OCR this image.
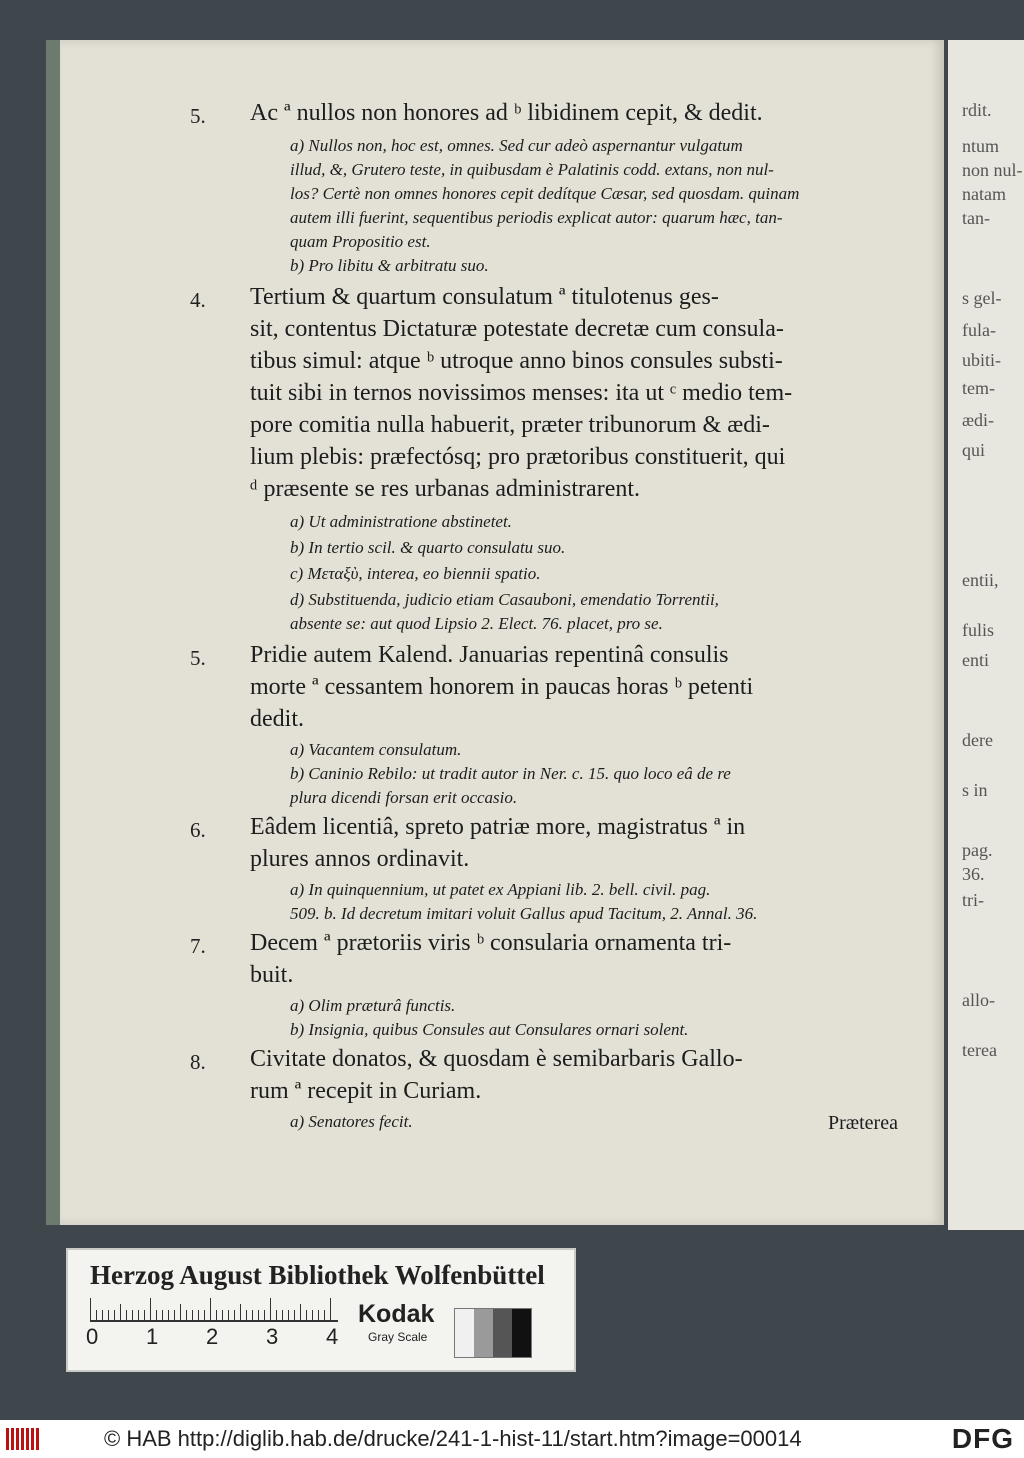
5. Ac ª nullos non honores ad ᵇ libidinem cepit, & dedit.
a) Nullos non, hoc est, omnes. Sed cur adeò aspernantur vulgatum
illud, &, Grutero teste, in quibusdam è Palatinis codd. extans, non nul-
los? Certè non omnes honores cepit dedítque Cæsar, sed quosdam. quinam
autem illi fuerint, sequentibus periodis explicat autor: quarum hæc, tan-
quam Propositio est.
b) Pro libitu & arbitratu suo.
4. Tertium & quartum consulatum ª titulotenus ges-
sit, contentus Dictaturæ potestate decretæ cum consula-
tibus simul: atque ᵇ utroque anno binos consules substi-
tuit sibi in ternos novissimos menses: ita ut ᶜ medio tem-
pore comitia nulla habuerit, præter tribunorum & ædi-
lium plebis: præfectósq; pro prætoribus constituerit, qui
ᵈ præsente se res urbanas administrarent.
a) Ut administratione abstinetet.
b) In tertio scil. & quarto consulatu suo.
c) Μεταξὺ, interea, eo biennii spatio.
d) Substituenda, judicio etiam Casauboni, emendatio Torrentii,
absente se: aut quod Lipsio 2. Elect. 76. placet, pro se.
5. Pridie autem Kalend. Januarias repentinâ consulis
morte ª cessantem honorem in paucas horas ᵇ petenti
dedit.
a) Vacantem consulatum.
b) Caninio Rebilo: ut tradit autor in Ner. c. 15. quo loco eâ de re
plura dicendi forsan erit occasio.
6. Eâdem licentiâ, spreto patriæ more, magistratus ª in
plures annos ordinavit.
a) In quinquennium, ut patet ex Appiani lib. 2. bell. civil. pag.
509. b. Id decretum imitari voluit Gallus apud Tacitum, 2. Annal. 36.
7. Decem ª prætoriis viris ᵇ consularia ornamenta tri-
buit.
a) Olim præturâ functis.
b) Insignia, quibus Consules aut Consulares ornari solent.
8. Civitate donatos, & quosdam è semibarbaris Gallo-
rum ª recepit in Curiam.
a) Senatores fecit.	Præterea
rdit.
ntum
non nul-
natam
tan-
s gel-
fula-
ubiti-
tem-
ædi-
qui
entii,
fulis
enti
dere
s in
pag.
36.
tri-
allo-
terea
Herzog August Bibliothek Wolfenbüttel
0 1 2 3 4
Kodak
Gray Scale
© HAB http://diglib.hab.de/drucke/241-1-hist-11/start.htm?image=00014	DFG
